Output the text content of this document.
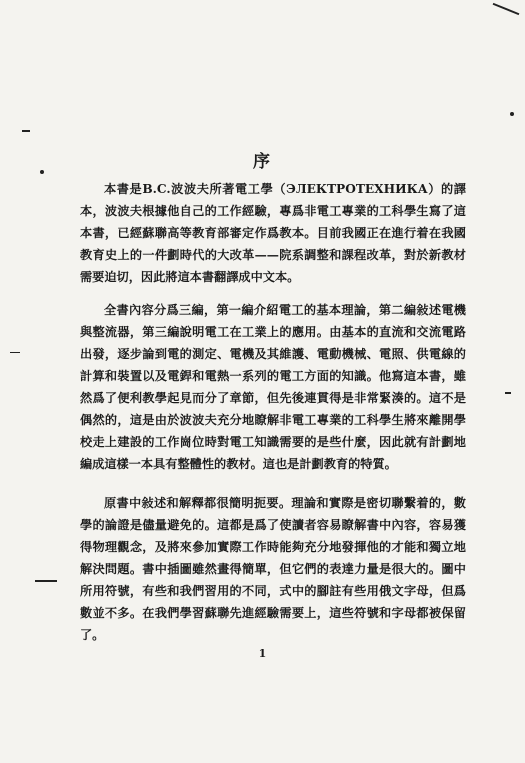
序

本書是B.C.波波夫所著電工學（ЭЛЕКТРОТЕХНИКА）的譯本，波波夫根據他自己的工作經驗，專爲非電工專業的工科學生寫了這本書，已經蘇聯高等教育部審定作爲教本。目前我國正在進行着在我國教育史上的一件劃時代的大改革——院系調整和課程改革，對於新教材需要迫切，因此將這本書翻譯成中文本。

全書內容分爲三編，第一編介紹電工的基本理論，第二編敍述電機與整流器，第三編說明電工在工業上的應用。由基本的直流和交流電路出發，逐步論到電的測定、電機及其維護、電動機械、電照、供電線的計算和裝置以及電銲和電熱一系列的電工方面的知識。他寫這本書，雖然爲了便利教學起見而分了章節，但先後連貫得是非常緊湊的。這不是偶然的，這是由於波波夫充分地瞭解非電工專業的工科學生將來離開學校走上建設的工作崗位時對電工知識需要的是些什麼，因此就有計劃地編成這樣一本具有整體性的教材。這也是計劃教育的特質。

原書中敍述和解釋都很簡明扼要。理論和實際是密切聯繫着的，數學的論證是儘量避免的。這都是爲了使讀者容易瞭解書中內容，容易獲得物理觀念，及將來參加實際工作時能夠充分地發揮他的才能和獨立地解決問題。書中插圖雖然畫得簡單，但它們的表達力量是很大的。圖中所用符號，有些和我們習用的不同，式中的腳註有些用俄文字母，但爲數並不多。在我們學習蘇聯先進經驗需要上，這些符號和字母都被保留了。

1
